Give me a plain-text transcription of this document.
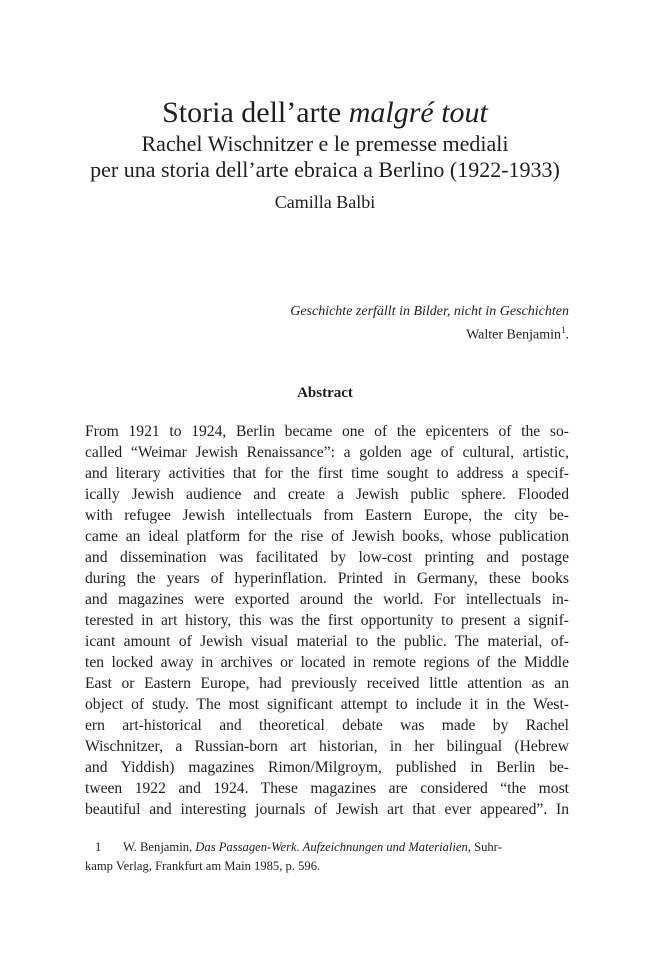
Storia dell’arte malgré tout
Rachel Wischnitzer e le premesse mediali
per una storia dell’arte ebraica a Berlino (1922-1933)
Camilla Balbi
Geschichte zerfällt in Bilder, nicht in Geschichten
Walter Benjamin$^1$.
Abstract
From 1921 to 1924, Berlin became one of the epicenters of the so-
called “Weimar Jewish Renaissance”: a golden age of cultural, artistic,
and literary activities that for the first time sought to address a specif-
ically Jewish audience and create a Jewish public sphere. Flooded
with refugee Jewish intellectuals from Eastern Europe, the city be-
came an ideal platform for the rise of Jewish books, whose publication
and dissemination was facilitated by low-cost printing and postage
during the years of hyperinflation. Printed in Germany, these books
and magazines were exported around the world. For intellectuals in-
terested in art history, this was the first opportunity to present a signif-
icant amount of Jewish visual material to the public. The material, of-
ten locked away in archives or located in remote regions of the Middle
East or Eastern Europe, had previously received little attention as an
object of study. The most significant attempt to include it in the West-
ern art-historical and theoretical debate was made by Rachel
Wischnitzer, a Russian-born art historian, in her bilingual (Hebrew
and Yiddish) magazines Rimon/Milgroym, published in Berlin be-
tween 1922 and 1924. These magazines are considered “the most
beautiful and interesting journals of Jewish art that ever appeared”. In
1 W. Benjamin, Das Passagen-Werk. Aufzeichnungen und Materialien, Suhr-
kamp Verlag, Frankfurt am Main 1985, p. 596.
